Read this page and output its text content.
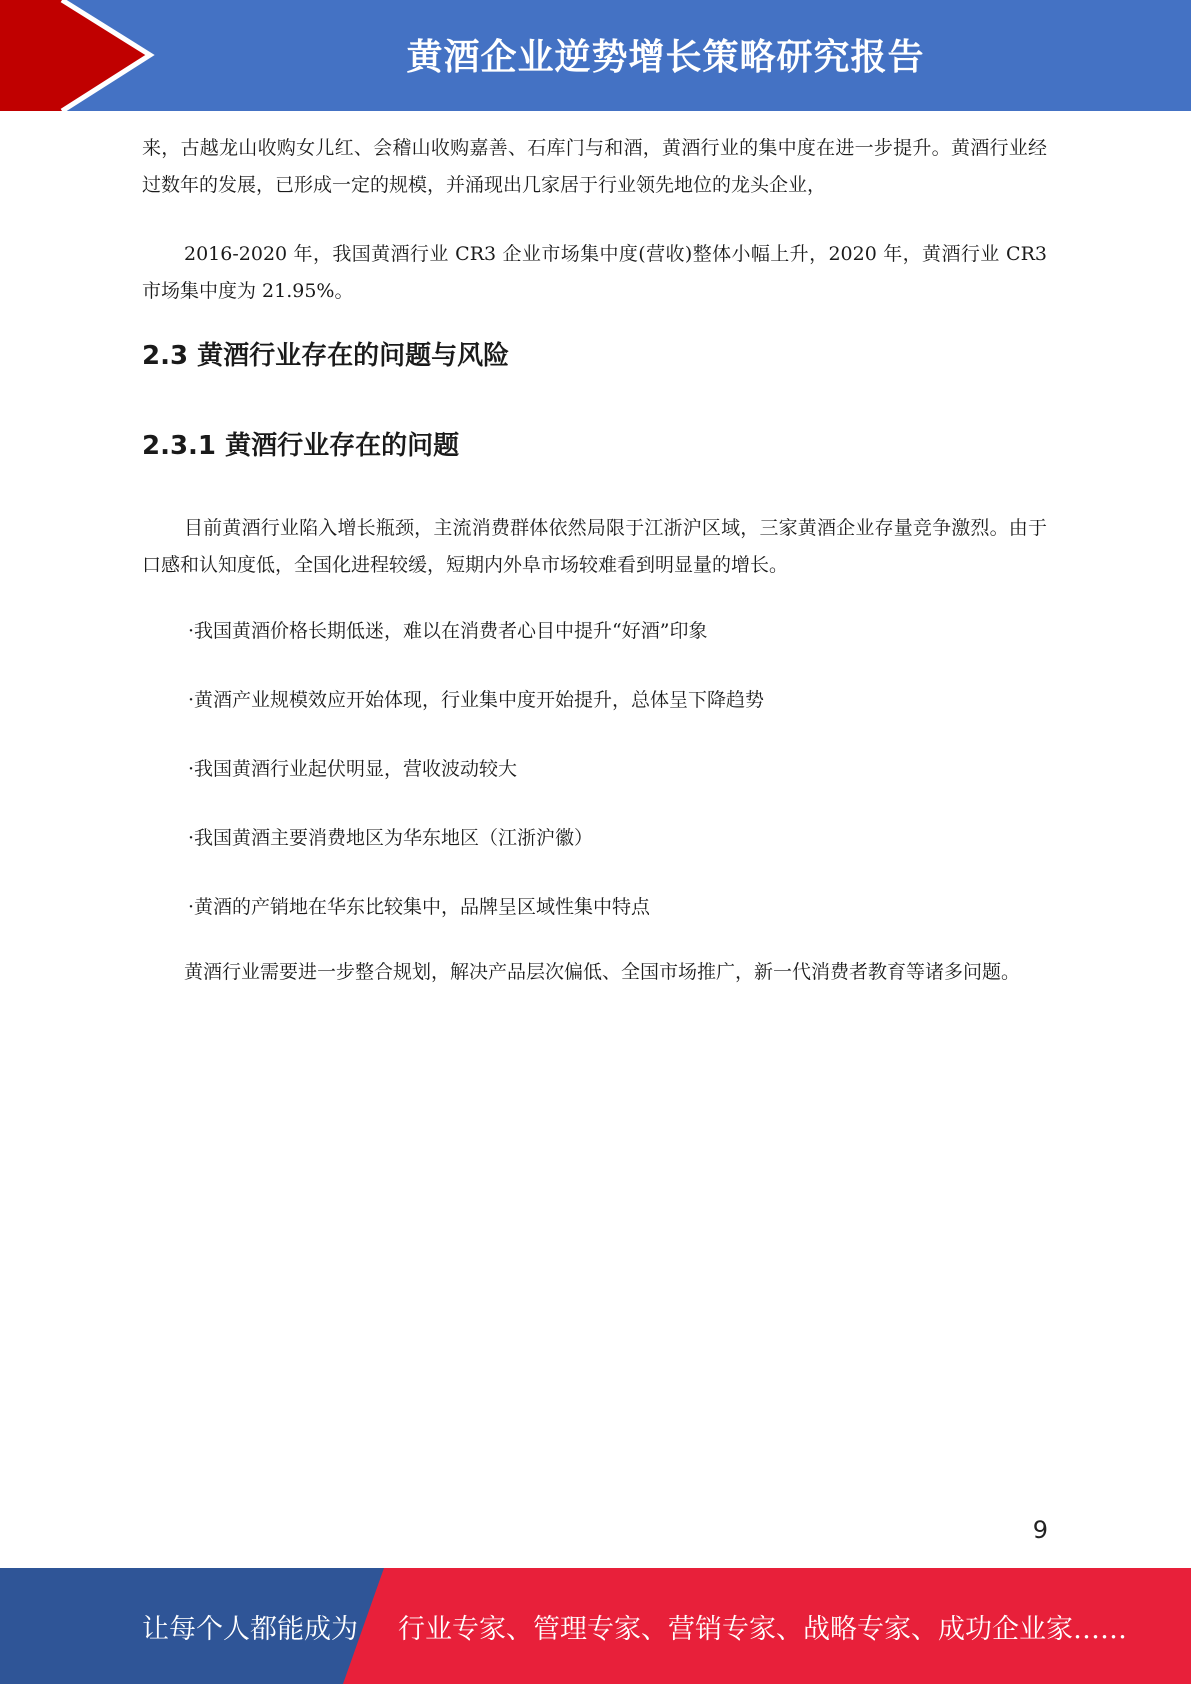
黄酒企业逆势增长策略研究报告

来，古越龙山收购女儿红、会稽山收购嘉善、石库门与和酒，黄酒行业的集中度在进一步提升。黄酒行业经过数年的发展，已形成一定的规模，并涌现出几家居于行业领先地位的龙头企业，

2016-2020 年，我国黄酒行业 CR3 企业市场集中度(营收)整体小幅上升，2020 年，黄酒行业 CR3 市场集中度为 21.95%。

2.3 黄酒行业存在的问题与风险
2.3.1 黄酒行业存在的问题

目前黄酒行业陷入增长瓶颈，主流消费群体依然局限于江浙沪区域，三家黄酒企业存量竞争激烈。由于口感和认知度低，全国化进程较缓，短期内外阜市场较难看到明显量的增长。

·我国黄酒价格长期低迷，难以在消费者心目中提升“好酒”印象

·黄酒产业规模效应开始体现，行业集中度开始提升，总体呈下降趋势

·我国黄酒行业起伏明显，营收波动较大

·我国黄酒主要消费地区为华东地区（江浙沪徽）

·黄酒的产销地在华东比较集中，品牌呈区域性集中特点

黄酒行业需要进一步整合规划，解决产品层次偏低、全国市场推广，新一代消费者教育等诸多问题。

9
让每个人都能成为 行业专家、管理专家、营销专家、战略专家、成功企业家……
